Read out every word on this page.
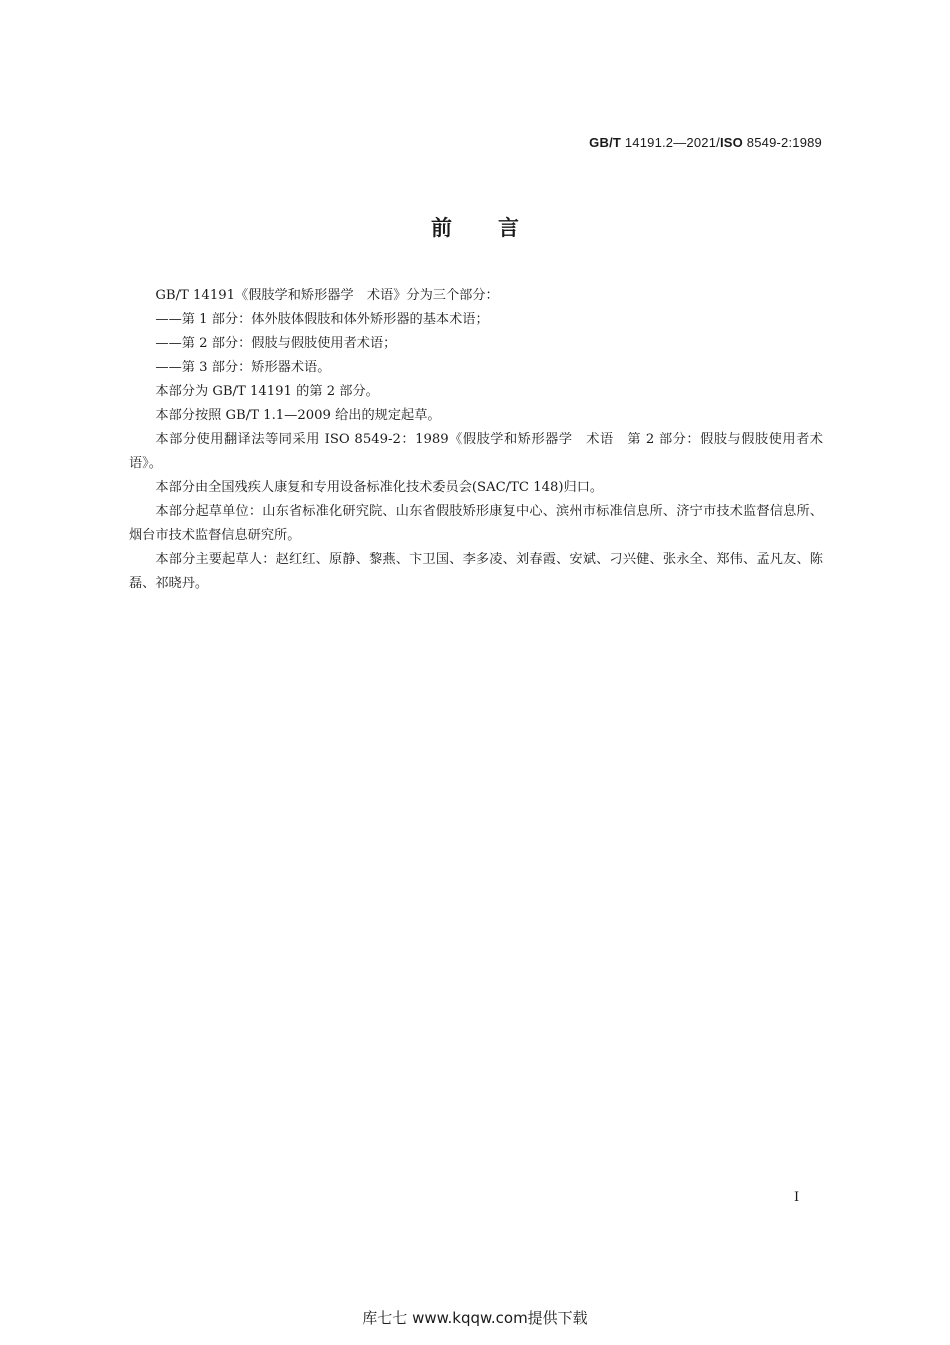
GB/T 14191.2—2021/ISO 8549-2:1989
前言

GB/T 14191《假肢学和矫形器学　术语》分为三个部分：

——第 1 部分：体外肢体假肢和体外矫形器的基本术语；

——第 2 部分：假肢与假肢使用者术语；

——第 3 部分：矫形器术语。

本部分为 GB/T 14191 的第 2 部分。

本部分按照 GB/T 1.1—2009 给出的规定起草。

本部分使用翻译法等同采用 ISO 8549-2：1989《假肢学和矫形器学　术语　第 2 部分：假肢与假肢使用者术语》。

本部分由全国残疾人康复和专用设备标准化技术委员会(SAC/TC 148)归口。

本部分起草单位：山东省标准化研究院、山东省假肢矫形康复中心、滨州市标准信息所、济宁市技术监督信息所、烟台市技术监督信息研究所。

本部分主要起草人：赵红红、原静、黎燕、卞卫国、李多凌、刘春霞、安斌、刁兴健、张永全、郑伟、孟凡友、陈磊、祁晓丹。

I
库七七 www.kqqw.com提供下载
